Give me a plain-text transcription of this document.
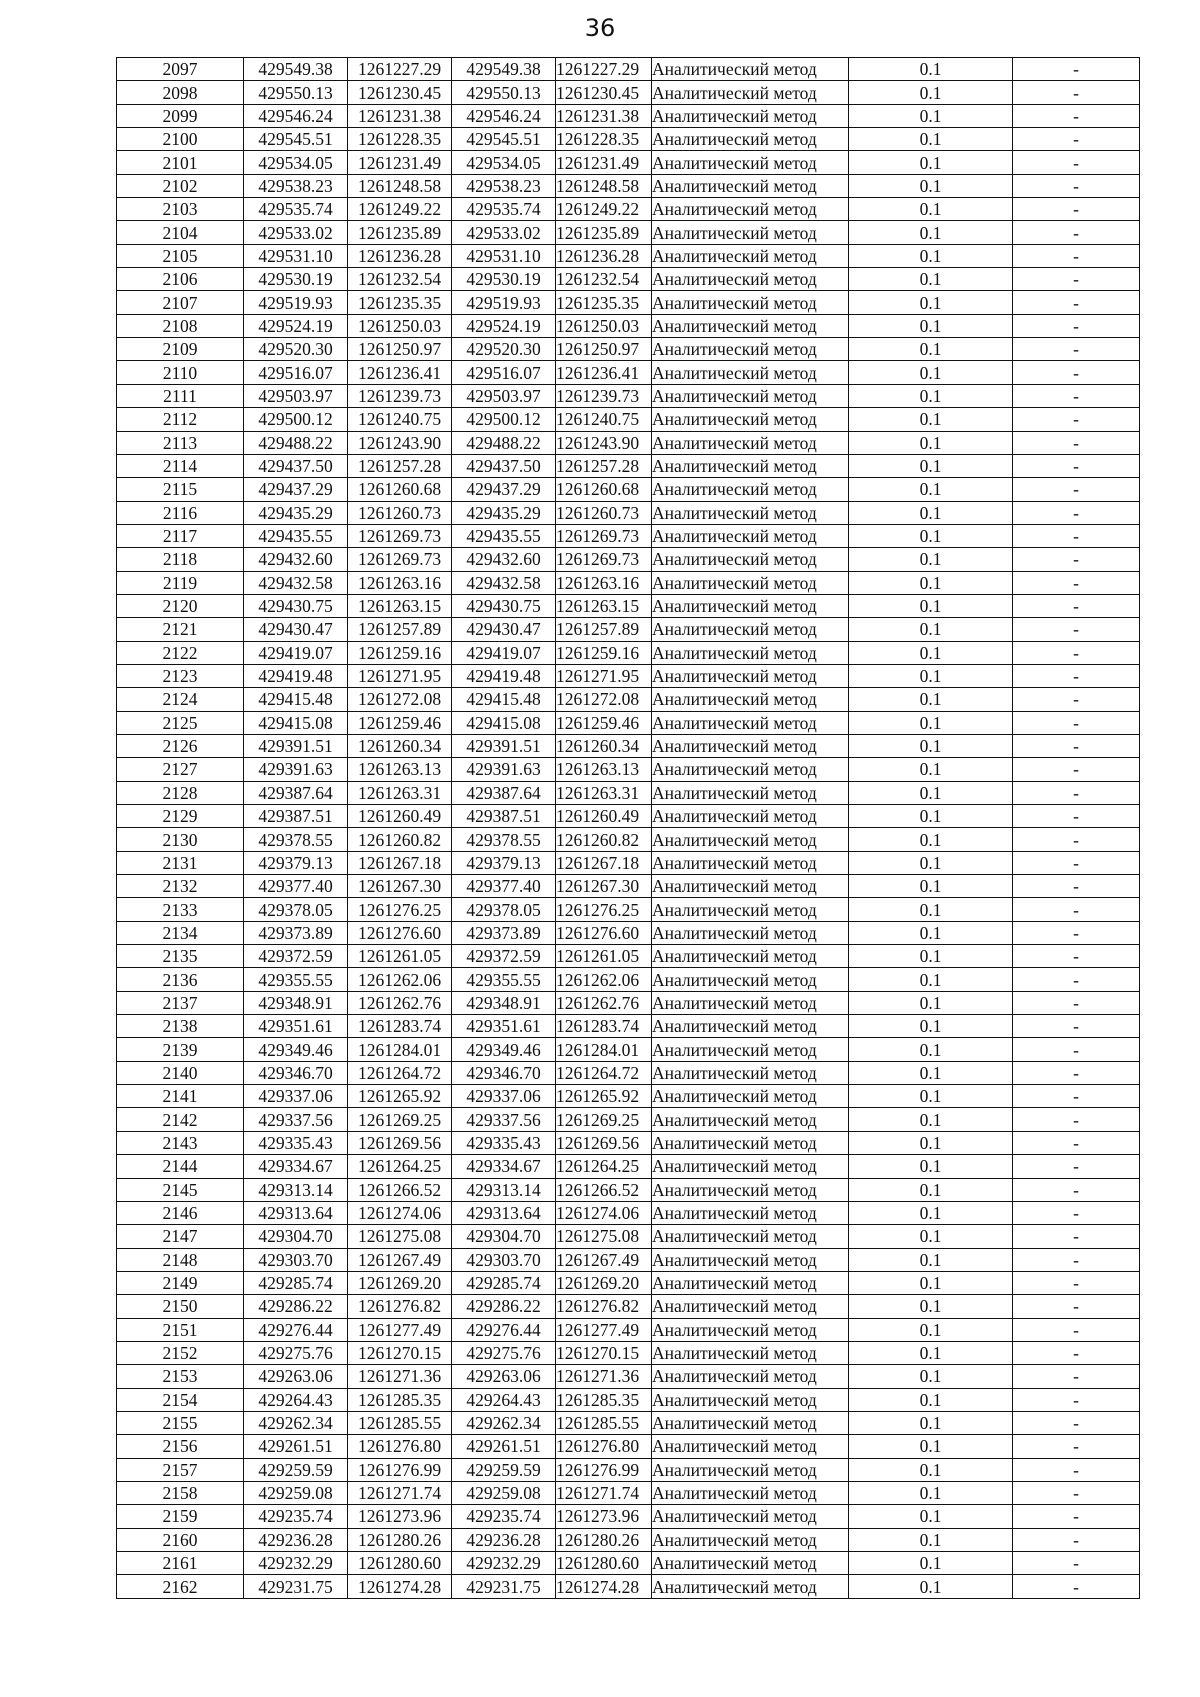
36
2097	429549.38	1261227.29	429549.38	1261227.29	Аналитический метод	0.1	-
2098	429550.13	1261230.45	429550.13	1261230.45	Аналитический метод	0.1	-
2099	429546.24	1261231.38	429546.24	1261231.38	Аналитический метод	0.1	-
2100	429545.51	1261228.35	429545.51	1261228.35	Аналитический метод	0.1	-
2101	429534.05	1261231.49	429534.05	1261231.49	Аналитический метод	0.1	-
2102	429538.23	1261248.58	429538.23	1261248.58	Аналитический метод	0.1	-
2103	429535.74	1261249.22	429535.74	1261249.22	Аналитический метод	0.1	-
2104	429533.02	1261235.89	429533.02	1261235.89	Аналитический метод	0.1	-
2105	429531.10	1261236.28	429531.10	1261236.28	Аналитический метод	0.1	-
2106	429530.19	1261232.54	429530.19	1261232.54	Аналитический метод	0.1	-
2107	429519.93	1261235.35	429519.93	1261235.35	Аналитический метод	0.1	-
2108	429524.19	1261250.03	429524.19	1261250.03	Аналитический метод	0.1	-
2109	429520.30	1261250.97	429520.30	1261250.97	Аналитический метод	0.1	-
2110	429516.07	1261236.41	429516.07	1261236.41	Аналитический метод	0.1	-
2111	429503.97	1261239.73	429503.97	1261239.73	Аналитический метод	0.1	-
2112	429500.12	1261240.75	429500.12	1261240.75	Аналитический метод	0.1	-
2113	429488.22	1261243.90	429488.22	1261243.90	Аналитический метод	0.1	-
2114	429437.50	1261257.28	429437.50	1261257.28	Аналитический метод	0.1	-
2115	429437.29	1261260.68	429437.29	1261260.68	Аналитический метод	0.1	-
2116	429435.29	1261260.73	429435.29	1261260.73	Аналитический метод	0.1	-
2117	429435.55	1261269.73	429435.55	1261269.73	Аналитический метод	0.1	-
2118	429432.60	1261269.73	429432.60	1261269.73	Аналитический метод	0.1	-
2119	429432.58	1261263.16	429432.58	1261263.16	Аналитический метод	0.1	-
2120	429430.75	1261263.15	429430.75	1261263.15	Аналитический метод	0.1	-
2121	429430.47	1261257.89	429430.47	1261257.89	Аналитический метод	0.1	-
2122	429419.07	1261259.16	429419.07	1261259.16	Аналитический метод	0.1	-
2123	429419.48	1261271.95	429419.48	1261271.95	Аналитический метод	0.1	-
2124	429415.48	1261272.08	429415.48	1261272.08	Аналитический метод	0.1	-
2125	429415.08	1261259.46	429415.08	1261259.46	Аналитический метод	0.1	-
2126	429391.51	1261260.34	429391.51	1261260.34	Аналитический метод	0.1	-
2127	429391.63	1261263.13	429391.63	1261263.13	Аналитический метод	0.1	-
2128	429387.64	1261263.31	429387.64	1261263.31	Аналитический метод	0.1	-
2129	429387.51	1261260.49	429387.51	1261260.49	Аналитический метод	0.1	-
2130	429378.55	1261260.82	429378.55	1261260.82	Аналитический метод	0.1	-
2131	429379.13	1261267.18	429379.13	1261267.18	Аналитический метод	0.1	-
2132	429377.40	1261267.30	429377.40	1261267.30	Аналитический метод	0.1	-
2133	429378.05	1261276.25	429378.05	1261276.25	Аналитический метод	0.1	-
2134	429373.89	1261276.60	429373.89	1261276.60	Аналитический метод	0.1	-
2135	429372.59	1261261.05	429372.59	1261261.05	Аналитический метод	0.1	-
2136	429355.55	1261262.06	429355.55	1261262.06	Аналитический метод	0.1	-
2137	429348.91	1261262.76	429348.91	1261262.76	Аналитический метод	0.1	-
2138	429351.61	1261283.74	429351.61	1261283.74	Аналитический метод	0.1	-
2139	429349.46	1261284.01	429349.46	1261284.01	Аналитический метод	0.1	-
2140	429346.70	1261264.72	429346.70	1261264.72	Аналитический метод	0.1	-
2141	429337.06	1261265.92	429337.06	1261265.92	Аналитический метод	0.1	-
2142	429337.56	1261269.25	429337.56	1261269.25	Аналитический метод	0.1	-
2143	429335.43	1261269.56	429335.43	1261269.56	Аналитический метод	0.1	-
2144	429334.67	1261264.25	429334.67	1261264.25	Аналитический метод	0.1	-
2145	429313.14	1261266.52	429313.14	1261266.52	Аналитический метод	0.1	-
2146	429313.64	1261274.06	429313.64	1261274.06	Аналитический метод	0.1	-
2147	429304.70	1261275.08	429304.70	1261275.08	Аналитический метод	0.1	-
2148	429303.70	1261267.49	429303.70	1261267.49	Аналитический метод	0.1	-
2149	429285.74	1261269.20	429285.74	1261269.20	Аналитический метод	0.1	-
2150	429286.22	1261276.82	429286.22	1261276.82	Аналитический метод	0.1	-
2151	429276.44	1261277.49	429276.44	1261277.49	Аналитический метод	0.1	-
2152	429275.76	1261270.15	429275.76	1261270.15	Аналитический метод	0.1	-
2153	429263.06	1261271.36	429263.06	1261271.36	Аналитический метод	0.1	-
2154	429264.43	1261285.35	429264.43	1261285.35	Аналитический метод	0.1	-
2155	429262.34	1261285.55	429262.34	1261285.55	Аналитический метод	0.1	-
2156	429261.51	1261276.80	429261.51	1261276.80	Аналитический метод	0.1	-
2157	429259.59	1261276.99	429259.59	1261276.99	Аналитический метод	0.1	-
2158	429259.08	1261271.74	429259.08	1261271.74	Аналитический метод	0.1	-
2159	429235.74	1261273.96	429235.74	1261273.96	Аналитический метод	0.1	-
2160	429236.28	1261280.26	429236.28	1261280.26	Аналитический метод	0.1	-
2161	429232.29	1261280.60	429232.29	1261280.60	Аналитический метод	0.1	-
2162	429231.75	1261274.28	429231.75	1261274.28	Аналитический метод	0.1	-
